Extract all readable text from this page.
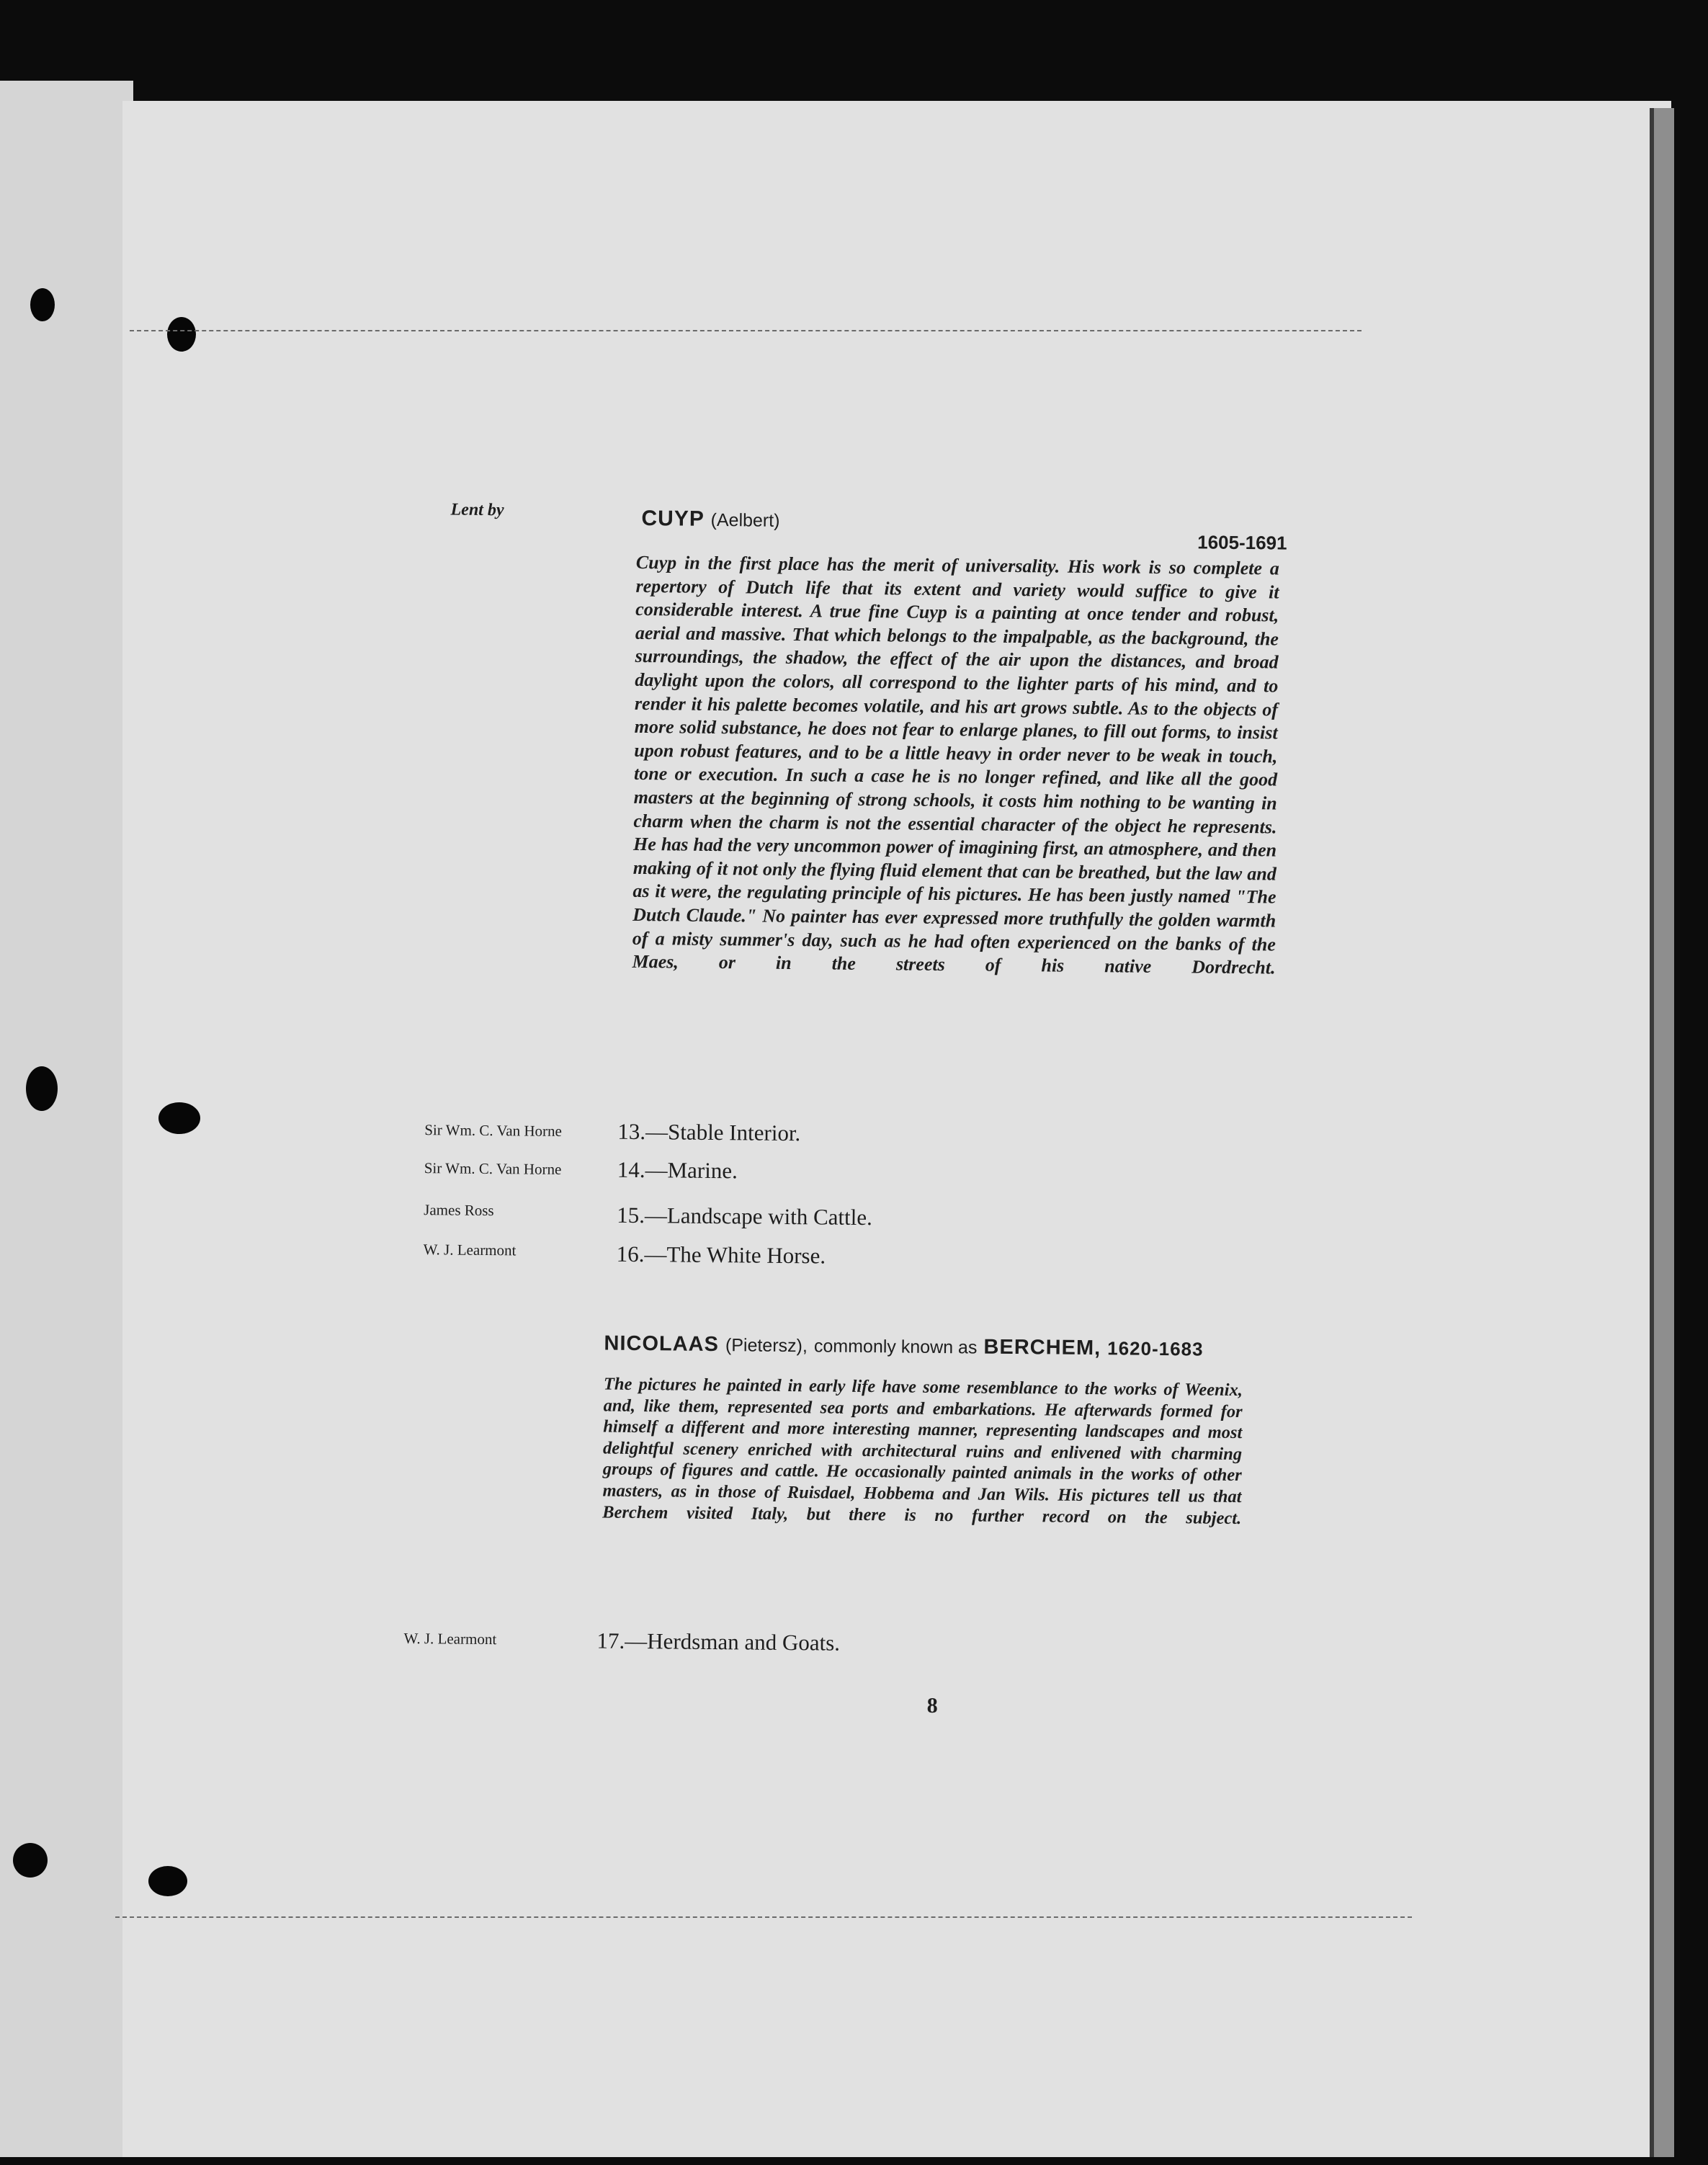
Lent by	CUYP (Aelbert)
1605-1691

Cuyp in the first place has the merit of universality. His work is so complete a repertory of Dutch life that its extent and variety would suffice to give it considerable interest. A true fine Cuyp is a painting at once tender and robust, aerial and massive. That which belongs to the impalpable, as the background, the surroundings, the shadow, the effect of the air upon the distances, and broad daylight upon the colors, all correspond to the lighter parts of his mind, and to render it his palette becomes volatile, and his art grows subtle. As to the objects of more solid substance, he does not fear to enlarge planes, to fill out forms, to insist upon robust features, and to be a little heavy in order never to be weak in touch, tone or execution. In such a case he is no longer refined, and like all the good masters at the beginning of strong schools, it costs him nothing to be wanting in charm when the charm is not the essential character of the object he represents. He has had the very uncommon power of imagining first, an atmosphere, and then making of it not only the flying fluid element that can be breathed, but the law and as it were, the regulating principle of his pictures. He has been justly named "The Dutch Claude." No painter has ever expressed more truthfully the golden warmth of a misty summer's day, such as he had often experienced on the banks of the Maes, or in the streets of his native Dordrecht.

Sir Wm. C. Van Horne 13.—Stable Interior.
Sir Wm. C. Van Horne 14.—Marine.
James Ross	15.—Landscape with Cattle.
W. J. Learmont	16.—The White Horse.
NICOLAAS (Pietersz), commonly known as BERCHEM, 1620-1683

The pictures he painted in early life have some resemblance to the works of Weenix, and, like them, represented sea ports and embarkations. He afterwards formed for himself a different and more interesting manner, representing landscapes and most delightful scenery enriched with architectural ruins and enlivened with charming groups of figures and cattle. He occasionally painted animals in the works of other masters, as in those of Ruisdael, Hobbema and Jan Wils. His pictures tell us that Berchem visited Italy, but there is no further record on the subject.

W. J. Learmont	17.—Herdsman and Goats.
8
